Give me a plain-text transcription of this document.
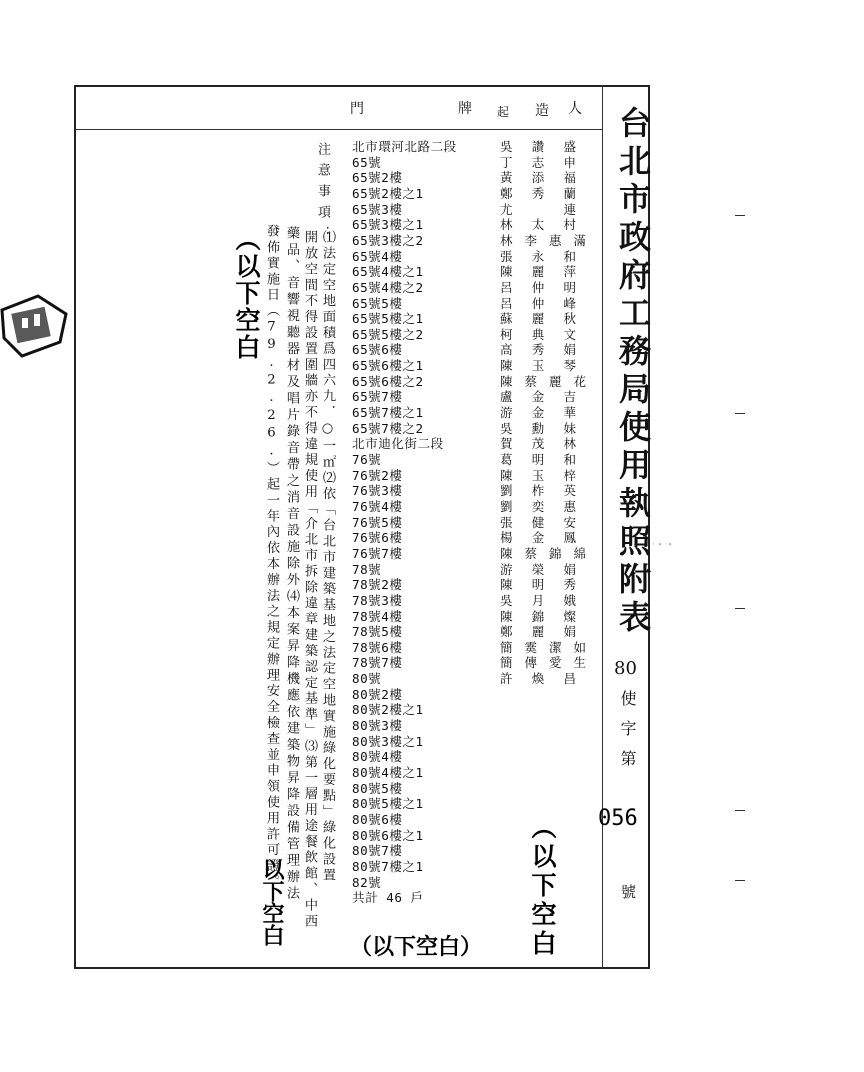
台北市政府工務局使用執照附表
80
使字第
056
號
門	牌 起 造 人
注意事項：
⑴法定空地面積爲四六九．○一㎡⑵依「台北市建築基地之法定空地實施綠化要點」綠化設置
開放空間不得設置圍牆亦不得違規使用「介北市拆除違章建築認定基準」⑶第一層用途餐飲館、中西
藥品、音響視聽器材及唱片錄音帶之消音設施除外⑷本案昇降機應依建築物昇降設備管理辦法
發佈實施日（79.2.26.）起一年內依本辦法之規定辦理安全檢查並申領使用許可證。
北市環河北路二段
65號
65號2樓
65號2樓之1
65號3樓
65號3樓之1
65號3樓之2
65號4樓
65號4樓之1
65號4樓之2
65號5樓
65號5樓之1
65號5樓之2
65號6樓
65號6樓之1
65號6樓之2
65號7樓
65號7樓之1
65號7樓之2
北市迪化街二段
76號
76號2樓
76號3樓
76號4樓
76號5樓
76號6樓
76號7樓
78號
78號2樓
78號3樓
78號4樓
78號5樓
78號6樓
78號7樓
80號
80號2樓
80號2樓之1
80號3樓
80號3樓之1
80號4樓
80號4樓之1
80號5樓
80號5樓之1
80號6樓
80號6樓之1
80號7樓
80號7樓之1
82號
共計 46 戶
吳讚盛
丁志申
黃添福
鄭秀蘭
尤連
林太村
林李惠滿
張永和
陳麗萍
呂仲明
呂仲峰
蘇麗秋
柯典文
高秀娟
陳玉琴
陳蔡麗花
盧金吉
游金華
吳勳妹
賀茂林
葛明和
陳玉梓
劉柞英
劉奕惠
張健安
楊金鳳
陳蔡錦綿
游榮娟
陳明秀
吳月娥
陳錦燦
鄭麗娟
簡霙潔如
簡傳愛生
許煥昌
（以下空白
以下空白
（以下空白） （以下空白
· ∙ ·∙
